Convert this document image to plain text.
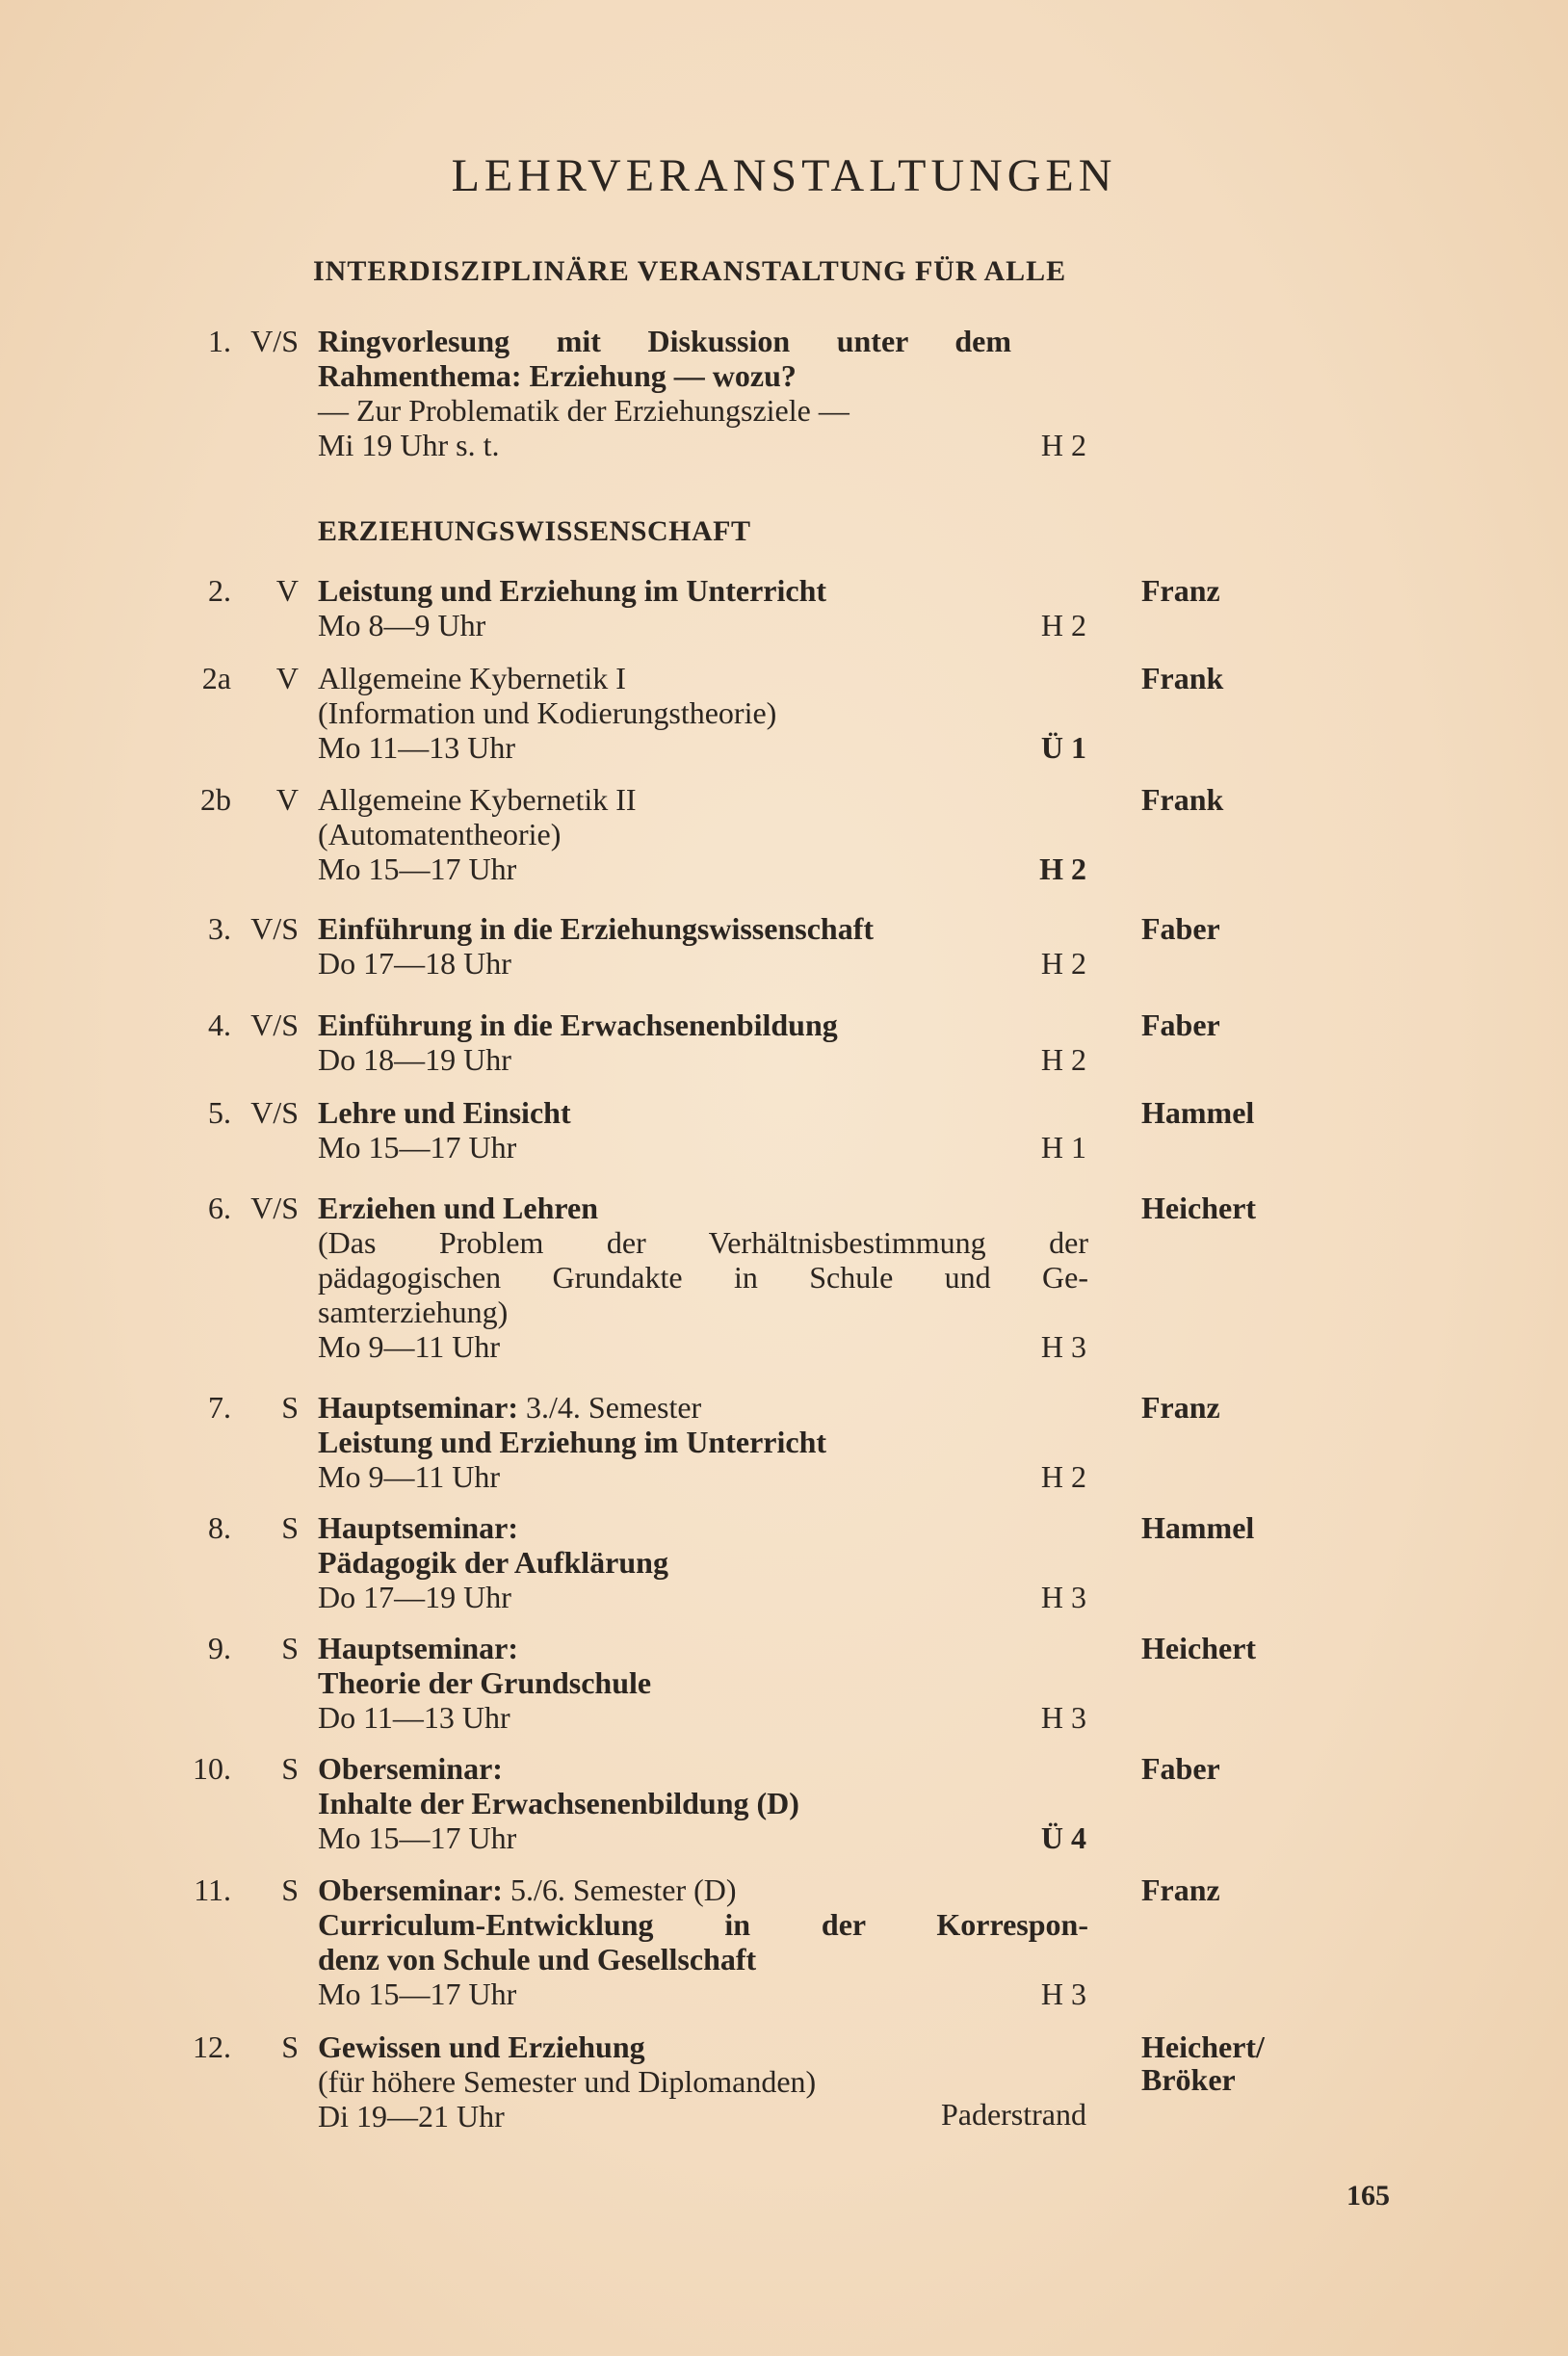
LEHRVERANSTALTUNGEN
INTERDISZIPLINÄRE VERANSTALTUNG FÜR ALLE
1. V/S Ringvorlesung mit Diskussion unter dem
Rahmenthema: Erziehung — wozu?
— Zur Problematik der Erziehungsziele —
Mi 19 Uhr s. t.	H 2
ERZIEHUNGSWISSENSCHAFT
2.	V Leistung und Erziehung im Unterricht
Mo 8—9 Uhr	H 2
Franz
2a	V Allgemeine Kybernetik I
(Information und Kodierungstheorie)
Mo 11—13 Uhr	Ü 1
Frank
2b	V Allgemeine Kybernetik II
(Automatentheorie)
Mo 15—17 Uhr	H 2
Frank
3. V/S Einführung in die Erziehungswissenschaft
Do 17—18 Uhr	H 2
Faber
4. V/S Einführung in die Erwachsenenbildung
Do 18—19 Uhr	H 2
Faber
5. V/S Lehre und Einsicht
Mo 15—17 Uhr	H 1
Hammel
6. V/S Erziehen und Lehren
(Das Problem der Verhältnisbestimmung der
pädagogischen Grundakte in Schule und Ge-
samterziehung)
Mo 9—11 Uhr	H 3
Heichert
7.	S Hauptseminar: 3./4. Semester
Leistung und Erziehung im Unterricht
Mo 9—11 Uhr	H 2
Franz
8.	S Hauptseminar:
Pädagogik der Aufklärung
Do 17—19 Uhr	H 3
Hammel
9.	S Hauptseminar:
Theorie der Grundschule
Do 11—13 Uhr	H 3
Heichert
10.	S Oberseminar:
Inhalte der Erwachsenenbildung (D)
Mo 15—17 Uhr	Ü 4
Faber
11.	S Oberseminar: 5./6. Semester (D)
Curriculum-Entwicklung in der Korrespon-
denz von Schule und Gesellschaft
Mo 15—17 Uhr	H 3
Franz
12.	S Gewissen und Erziehung
(für höhere Semester und Diplomanden)
Di 19—21 Uhr	Paderstrand
Heichert/
Bröker
165
